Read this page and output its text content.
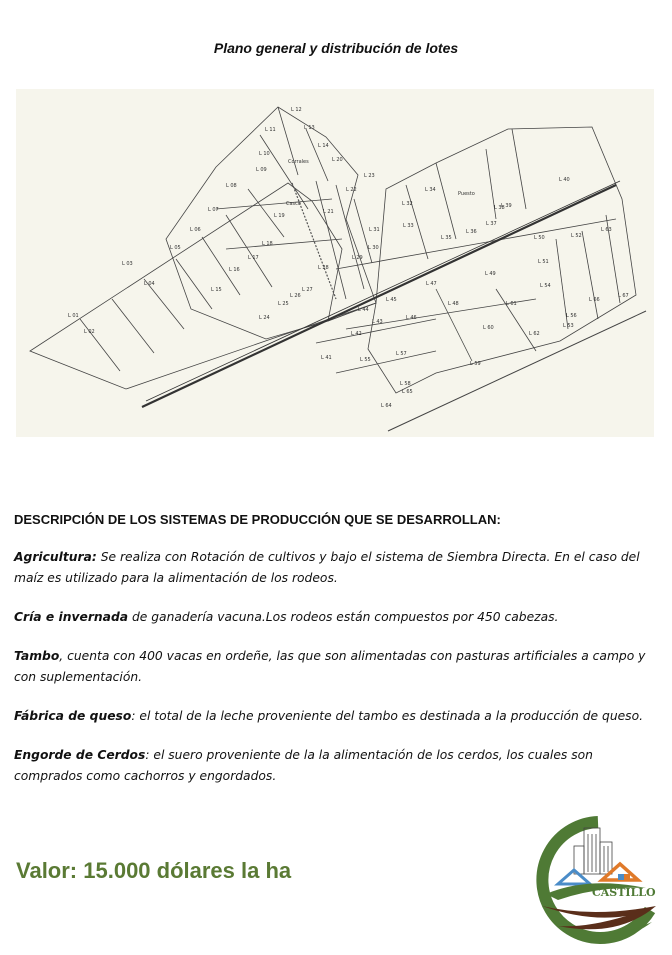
Plano general y distribución de lotes
L 01
L 02
L 03
L 04
L 05
L 06
L 07
L 08
L 09
L 10
L 11
L 12
L 13
L 14
L 15
L 16
L 17
L 18
L 19
L 20
L 21
L 22
L 23
L 24
L 25
L 26
L 27
L 28
L 29
L 30
L 31
L 32
L 33
L 34
L 35
L 36
L 37
L 38
L 39
L 40
L 41
L 42
L 43
L 44
L 45
L 46
L 47
L 48
L 49
L 50
L 51
L 52
L 53
L 54
L 55
L 56
L 57
L 58
L 59
L 60
L 61
L 62
L 63
L 64
L 65
L 66
L 67
Corrales
Casco
Puesto
DESCRIPCIÓN DE LOS SISTEMAS DE PRODUCCIÓN QUE SE DESARROLLAN:

Agricultura: Se realiza con Rotación de cultivos y bajo el sistema de Siembra Directa. En el caso del maíz es utilizado para la alimentación de los rodeos.

Cría e invernada de ganadería vacuna.Los rodeos están compuestos por 450 cabezas.

Tambo, cuenta con 400 vacas en ordeñe, las que son alimentadas con pasturas artificiales a campo y con suplementación.

Fábrica de queso: el total de la leche proveniente del tambo es destinada a la producción de queso.

Engorde de Cerdos: el suero proveniente de la la alimentación de los cerdos, los cuales son comprados como cachorros y engordados.

Valor: 15.000 dólares la ha
CASTILLO
